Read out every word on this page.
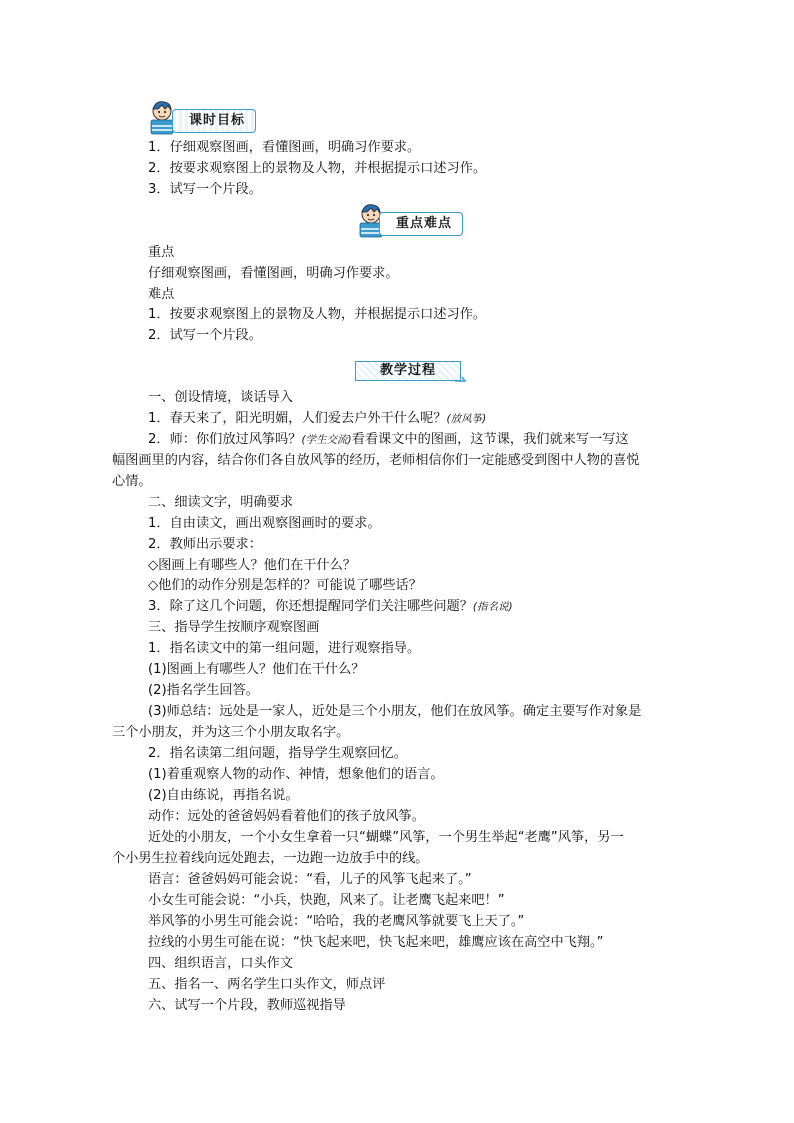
课时目标
1．仔细观察图画，看懂图画，明确习作要求。
2．按要求观察图上的景物及人物，并根据提示口述习作。
3．试写一个片段。
重点难点
重点
仔细观察图画，看懂图画，明确习作要求。
难点
1．按要求观察图上的景物及人物，并根据提示口述习作。
2．试写一个片段。
教学过程
一、创设情境，谈话导入
1．春天来了，阳光明媚，人们爱去户外干什么呢？(放风筝)
2．师：你们放过风筝吗？(学生交流)看看课文中的图画，这节课，我们就来写一写这
幅图画里的内容，结合你们各自放风筝的经历，老师相信你们一定能感受到图中人物的喜悦
心情。
二、细读文字，明确要求
1．自由读文，画出观察图画时的要求。
2．教师出示要求：
◇图画上有哪些人？他们在干什么？
◇他们的动作分别是怎样的？可能说了哪些话？
3．除了这几个问题，你还想提醒同学们关注哪些问题？(指名说)
三、指导学生按顺序观察图画
1．指名读文中的第一组问题，进行观察指导。
(1)图画上有哪些人？他们在干什么？
(2)指名学生回答。
(3)师总结：远处是一家人，近处是三个小朋友，他们在放风筝。确定主要写作对象是
三个小朋友，并为这三个小朋友取名字。
2．指名读第二组问题，指导学生观察回忆。
(1)着重观察人物的动作、神情，想象他们的语言。
(2)自由练说，再指名说。
动作：远处的爸爸妈妈看着他们的孩子放风筝。
近处的小朋友，一个小女生拿着一只“蝴蝶”风筝，一个男生举起“老鹰”风筝，另一
个小男生拉着线向远处跑去，一边跑一边放手中的线。
语言：爸爸妈妈可能会说：“看，儿子的风筝飞起来了。”
小女生可能会说：“小兵，快跑，风来了。让老鹰飞起来吧！”
举风筝的小男生可能会说：“哈哈，我的老鹰风筝就要飞上天了。”
拉线的小男生可能在说：“快飞起来吧，快飞起来吧，雄鹰应该在高空中飞翔。”
四、组织语言，口头作文
五、指名一、两名学生口头作文，师点评
六、试写一个片段，教师巡视指导
